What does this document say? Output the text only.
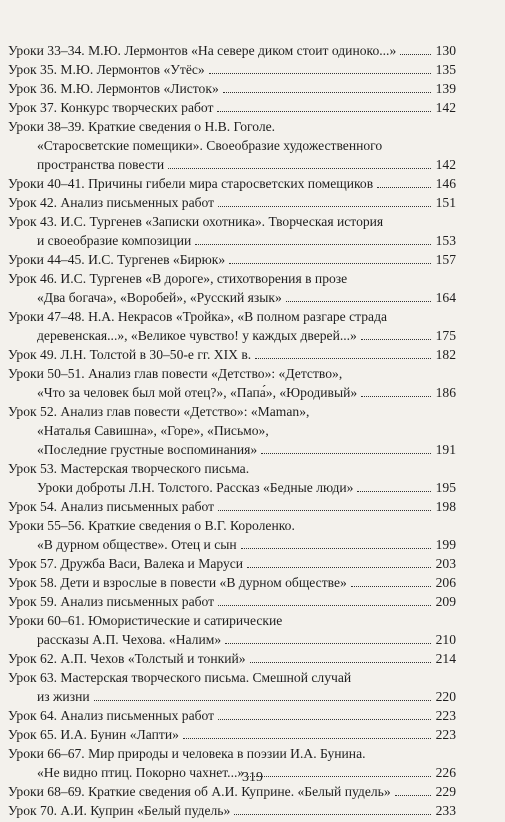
Уроки 33–34. М.Ю. Лермонтов «На севере диком стоит одиноко...»	130
Урок 35. М.Ю. Лермонтов «Утёс»	135
Урок 36. М.Ю. Лермонтов «Листок»	139
Урок 37. Конкурс творческих работ	142
Уроки 38–39. Краткие сведения о Н.В. Гоголе.
«Старосветские помещики». Своеобразие художественного
пространства повести	142
Уроки 40–41. Причины гибели мира старосветских помещиков	146
Урок 42. Анализ письменных работ	151
Урок 43. И.С. Тургенев «Записки охотника». Творческая история
и своеобразие композиции	153
Уроки 44–45. И.С. Тургенев «Бирюк»	157
Урок 46. И.С. Тургенев «В дороге», стихотворения в прозе
«Два богача», «Воробей», «Русский язык»	164
Уроки 47–48. Н.А. Некрасов «Тройка», «В полном разгаре страда
деревенская...», «Великое чувство! у каждых дверей...»	175
Урок 49. Л.Н. Толстой в 30–50-е гг. XIX в.	182
Уроки 50–51. Анализ глав повести «Детство»: «Детство»,
«Что за человек был мой отец?», «Папа́», «Юродивый»	186
Урок 52. Анализ глав повести «Детство»: «Maman»,
«Наталья Савишна», «Горе», «Письмо»,
«Последние грустные воспоминания»	191
Урок 53. Мастерская творческого письма.
Уроки доброты Л.Н. Толстого. Рассказ «Бедные люди»	195
Урок 54. Анализ письменных работ	198
Уроки 55–56. Краткие сведения о В.Г. Короленко.
«В дурном обществе». Отец и сын	199
Урок 57. Дружба Васи, Валека и Маруси	203
Урок 58. Дети и взрослые в повести «В дурном обществе»	206
Урок 59. Анализ письменных работ	209
Уроки 60–61. Юмористические и сатирические
рассказы А.П. Чехова. «Налим»	210
Урок 62. А.П. Чехов «Толстый и тонкий»	214
Урок 63. Мастерская творческого письма. Смешной случай
из жизни	220
Урок 64. Анализ письменных работ	223
Урок 65. И.А. Бунин «Лапти»	223
Уроки 66–67. Мир природы и человека в поэзии И.А. Бунина.
«Не видно птиц. Покорно чахнет...»	226
Уроки 68–69. Краткие сведения об А.И. Куприне. «Белый пудель»	229
Урок 70. А.И. Куприн «Белый пудель»	233
319
